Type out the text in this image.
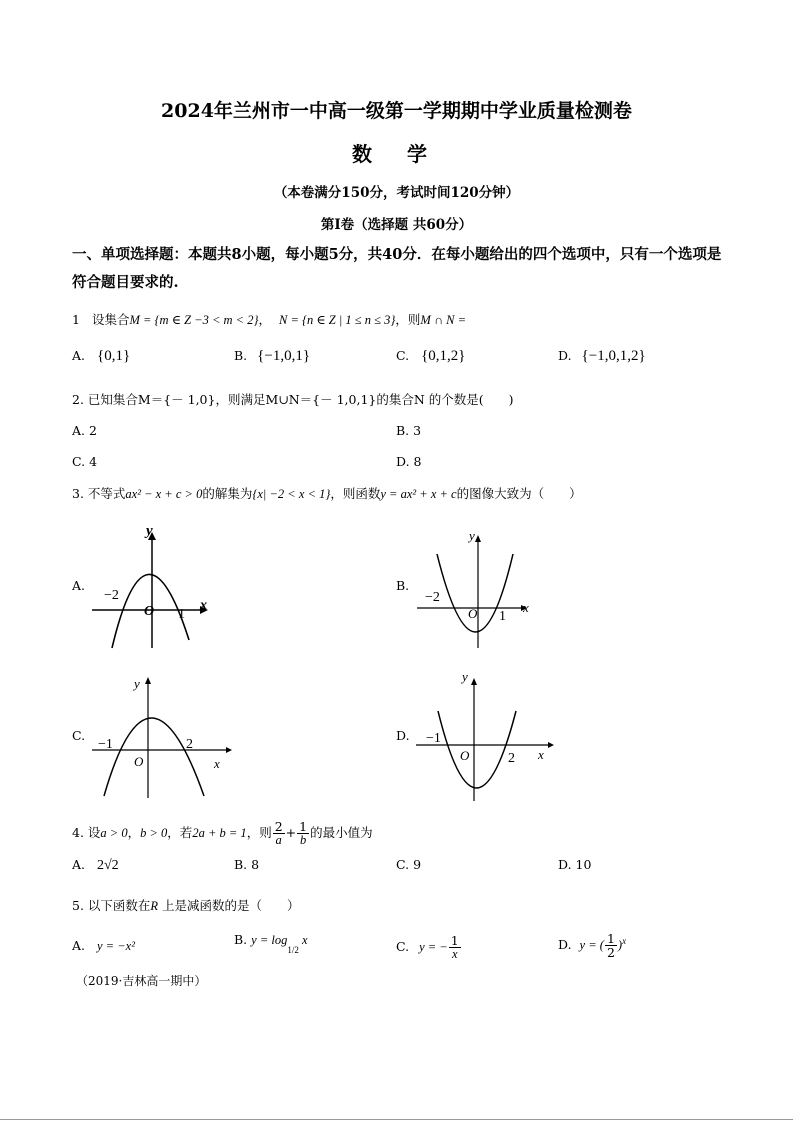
2024年兰州市一中高一级第一学期期中学业质量检测卷
数 学
（本卷满分150分，考试时间120分钟）
第I卷（选择题 共60分）
一、单项选择题：本题共8小题，每小题5分，共40分．在每小题给出的四个选项中，只有一个选项是符合题目要求的.
1 设集合M = {m ∈ Z −3 < m < 2}， N = {n ∈ Z | 1 ≤ n ≤ 3}，则M ∩ N =
A. {0,1}	B. {−1,0,1}	C. {0,1,2}	D. {−1,0,1,2}
2. 已知集合M＝{－ 1,0}，则满足M∪N＝{－ 1,0,1}的集合N 的个数是(　　)
A. 2	B. 3
C. 4	D. 8
3. 不等式ax² − x + c > 0的解集为{x| −2 < x < 1}，则函数y = ax² + x + c的图像大致为（　　）
A.
y
x
O
−2
1
B.
y
x
O
−2
1
C.
y
x
O
−1	2
D.
y
x
O
−1
2
4. 设a > 0，b > 0，若2a + b = 1，则 $\frac{2}{a} + \frac{1}{b}$ 的最小值为
A. 2√2	B. 8	C. 9	D. 10
5. 以下函数在R 上是减函数的是（　　）
A. y = −x²	B. $y = \log_{1/2} x$	C. y = − $\frac{1}{x}$	D. y = ( $\frac{1}{2} )^x$
（2019·吉林高一期中）
